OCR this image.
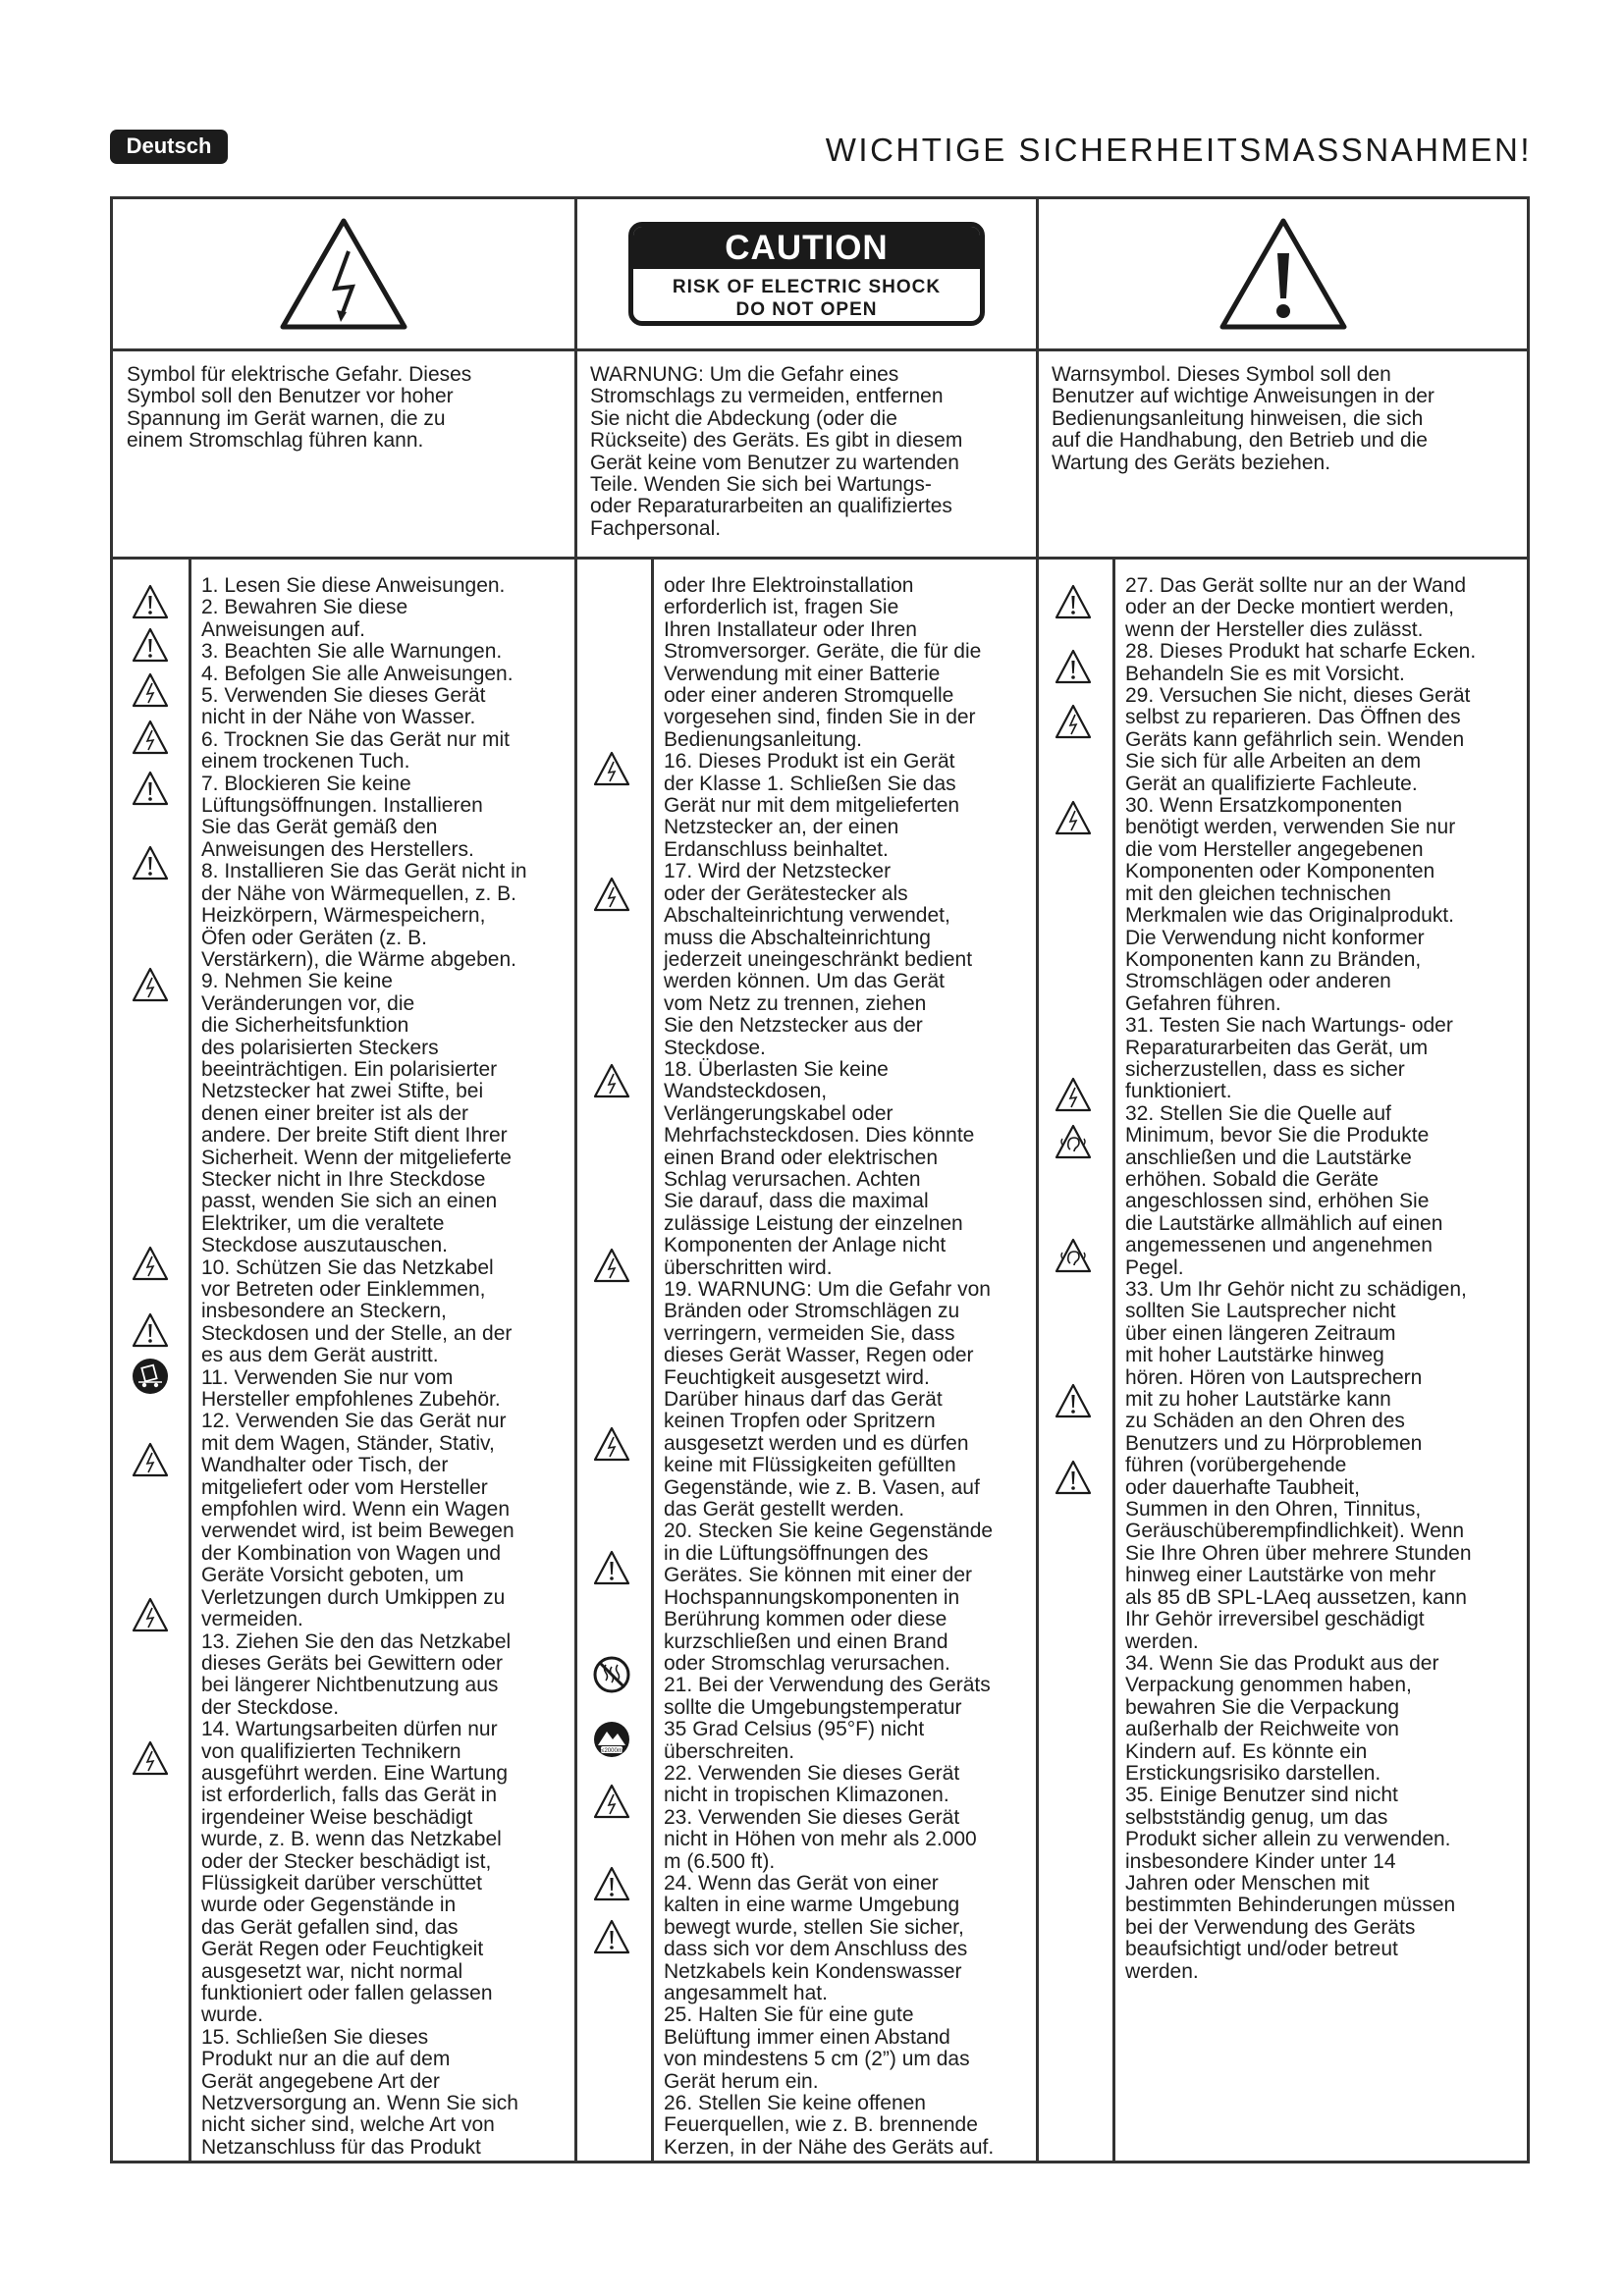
Deutsch	WICHTIGE SICHERHEITSMASSNAHMEN!
CAUTION
RISK OF ELECTRIC SHOCK
DO NOT OPEN
Symbol für elektrische Gefahr. Dieses
Symbol soll den Benutzer vor hoher
Spannung im Gerät warnen, die zu
einem Stromschlag führen kann.
WARNUNG: Um die Gefahr eines
Stromschlags zu vermeiden, entfernen
Sie nicht die Abdeckung (oder die
Rückseite) des Geräts. Es gibt in diesem
Gerät keine vom Benutzer zu wartenden
Teile. Wenden Sie sich bei Wartungs-
oder Reparaturarbeiten an qualifiziertes
Fachpersonal.
Warnsymbol. Dieses Symbol soll den
Benutzer auf wichtige Anweisungen in der
Bedienungsanleitung hinweisen, die sich
auf die Handhabung, den Betrieb und die
Wartung des Geräts beziehen.
1. Lesen Sie diese Anweisungen.
2. Bewahren Sie diese
Anweisungen auf.
3. Beachten Sie alle Warnungen.
4. Befolgen Sie alle Anweisungen.
5. Verwenden Sie dieses Gerät
nicht in der Nähe von Wasser.
6. Trocknen Sie das Gerät nur mit
einem trockenen Tuch.
7. Blockieren Sie keine
Lüftungsöffnungen. Installieren
Sie das Gerät gemäß den
Anweisungen des Herstellers.
8. Installieren Sie das Gerät nicht in
der Nähe von Wärmequellen, z. B.
Heizkörpern, Wärmespeichern,
Öfen oder Geräten (z. B.
Verstärkern), die Wärme abgeben.
9. Nehmen Sie keine
Veränderungen vor, die
die Sicherheitsfunktion
des polarisierten Steckers
beeinträchtigen. Ein polarisierter
Netzstecker hat zwei Stifte, bei
denen einer breiter ist als der
andere. Der breite Stift dient Ihrer
Sicherheit. Wenn der mitgelieferte
Stecker nicht in Ihre Steckdose
passt, wenden Sie sich an einen
Elektriker, um die veraltete
Steckdose auszutauschen.
10. Schützen Sie das Netzkabel
vor Betreten oder Einklemmen,
insbesondere an Steckern,
Steckdosen und der Stelle, an der
es aus dem Gerät austritt.
11. Verwenden Sie nur vom
Hersteller empfohlenes Zubehör.
12. Verwenden Sie das Gerät nur
mit dem Wagen, Ständer, Stativ,
Wandhalter oder Tisch, der
mitgeliefert oder vom Hersteller
empfohlen wird. Wenn ein Wagen
verwendet wird, ist beim Bewegen
der Kombination von Wagen und
Geräte Vorsicht geboten, um
Verletzungen durch Umkippen zu
vermeiden.
13. Ziehen Sie den das Netzkabel
dieses Geräts bei Gewittern oder
bei längerer Nichtbenutzung aus
der Steckdose.
14. Wartungsarbeiten dürfen nur
von qualifizierten Technikern
ausgeführt werden. Eine Wartung
ist erforderlich, falls das Gerät in
irgendeiner Weise beschädigt
wurde, z. B. wenn das Netzkabel
oder der Stecker beschädigt ist,
Flüssigkeit darüber verschüttet
wurde oder Gegenstände in
das Gerät gefallen sind, das
Gerät Regen oder Feuchtigkeit
ausgesetzt war, nicht normal
funktioniert oder fallen gelassen
wurde.
15. Schließen Sie dieses
Produkt nur an die auf dem
Gerät angegebene Art der
Netzversorgung an. Wenn Sie sich
nicht sicher sind, welche Art von
Netzanschluss für das Produkt
oder Ihre Elektroinstallation
erforderlich ist, fragen Sie
Ihren Installateur oder Ihren
Stromversorger. Geräte, die für die
Verwendung mit einer Batterie
oder einer anderen Stromquelle
vorgesehen sind, finden Sie in der
Bedienungsanleitung.
16. Dieses Produkt ist ein Gerät
der Klasse 1. Schließen Sie das
Gerät nur mit dem mitgelieferten
Netzstecker an, der einen
Erdanschluss beinhaltet.
17. Wird der Netzstecker
oder der Gerätestecker als
Abschalteinrichtung verwendet,
muss die Abschalteinrichtung
jederzeit uneingeschränkt bedient
werden können. Um das Gerät
vom Netz zu trennen, ziehen
Sie den Netzstecker aus der
Steckdose.
18. Überlasten Sie keine
Wandsteckdosen,
Verlängerungskabel oder
Mehrfachsteckdosen. Dies könnte
einen Brand oder elektrischen
Schlag verursachen. Achten
Sie darauf, dass die maximal
zulässige Leistung der einzelnen
Komponenten der Anlage nicht
überschritten wird.
19. WARNUNG: Um die Gefahr von
Bränden oder Stromschlägen zu
verringern, vermeiden Sie, dass
dieses Gerät Wasser, Regen oder
Feuchtigkeit ausgesetzt wird.
Darüber hinaus darf das Gerät
keinen Tropfen oder Spritzern
ausgesetzt werden und es dürfen
keine mit Flüssigkeiten gefüllten
Gegenstände, wie z. B. Vasen, auf
das Gerät gestellt werden.
20. Stecken Sie keine Gegenstände
in die Lüftungsöffnungen des
Gerätes. Sie können mit einer der
Hochspannungskomponenten in
Berührung kommen oder diese
kurzschließen und einen Brand
oder Stromschlag verursachen.
21. Bei der Verwendung des Geräts
sollte die Umgebungstemperatur
35 Grad Celsius (95°F) nicht
überschreiten.
22. Verwenden Sie dieses Gerät
nicht in tropischen Klimazonen.
23. Verwenden Sie dieses Gerät
nicht in Höhen von mehr als 2.000
m (6.500 ft).
24. Wenn das Gerät von einer
kalten in eine warme Umgebung
bewegt wurde, stellen Sie sicher,
dass sich vor dem Anschluss des
Netzkabels kein Kondenswasser
angesammelt hat.
25. Halten Sie für eine gute
Belüftung immer einen Abstand
von mindestens 5 cm (2”) um das
Gerät herum ein.
26. Stellen Sie keine offenen
Feuerquellen, wie z. B. brennende
Kerzen, in der Nähe des Geräts auf.
27. Das Gerät sollte nur an der Wand
oder an der Decke montiert werden,
wenn der Hersteller dies zulässt.
28. Dieses Produkt hat scharfe Ecken.
Behandeln Sie es mit Vorsicht.
29. Versuchen Sie nicht, dieses Gerät
selbst zu reparieren. Das Öffnen des
Geräts kann gefährlich sein. Wenden
Sie sich für alle Arbeiten an dem
Gerät an qualifizierte Fachleute.
30. Wenn Ersatzkomponenten
benötigt werden, verwenden Sie nur
die vom Hersteller angegebenen
Komponenten oder Komponenten
mit den gleichen technischen
Merkmalen wie das Originalprodukt.
Die Verwendung nicht konformer
Komponenten kann zu Bränden,
Stromschlägen oder anderen
Gefahren führen.
31. Testen Sie nach Wartungs- oder
Reparaturarbeiten das Gerät, um
sicherzustellen, dass es sicher
funktioniert.
32. Stellen Sie die Quelle auf
Minimum, bevor Sie die Produkte
anschließen und die Lautstärke
erhöhen. Sobald die Geräte
angeschlossen sind, erhöhen Sie
die Lautstärke allmählich auf einen
angemessenen und angenehmen
Pegel.
33. Um Ihr Gehör nicht zu schädigen,
sollten Sie Lautsprecher nicht
über einen längeren Zeitraum
mit hoher Lautstärke hinweg
hören. Hören von Lautsprechern
mit zu hoher Lautstärke kann
zu Schäden an den Ohren des
Benutzers und zu Hörproblemen
führen (vorübergehende
oder dauerhafte Taubheit,
Summen in den Ohren, Tinnitus,
Geräuschüberempfindlichkeit). Wenn
Sie Ihre Ohren über mehrere Stunden
hinweg einer Lautstärke von mehr
als 85 dB SPL-LAeq aussetzen, kann
Ihr Gehör irreversibel geschädigt
werden.
34. Wenn Sie das Produkt aus der
Verpackung genommen haben,
bewahren Sie die Verpackung
außerhalb der Reichweite von
Kindern auf. Es könnte ein
Erstickungsrisiko darstellen.
35. Einige Benutzer sind nicht
selbstständig genug, um das
Produkt sicher allein zu verwenden.
insbesondere Kinder unter 14
Jahren oder Menschen mit
bestimmten Behinderungen müssen
bei der Verwendung des Geräts
beaufsichtigt und/oder betreut
werden.
≤2000m
